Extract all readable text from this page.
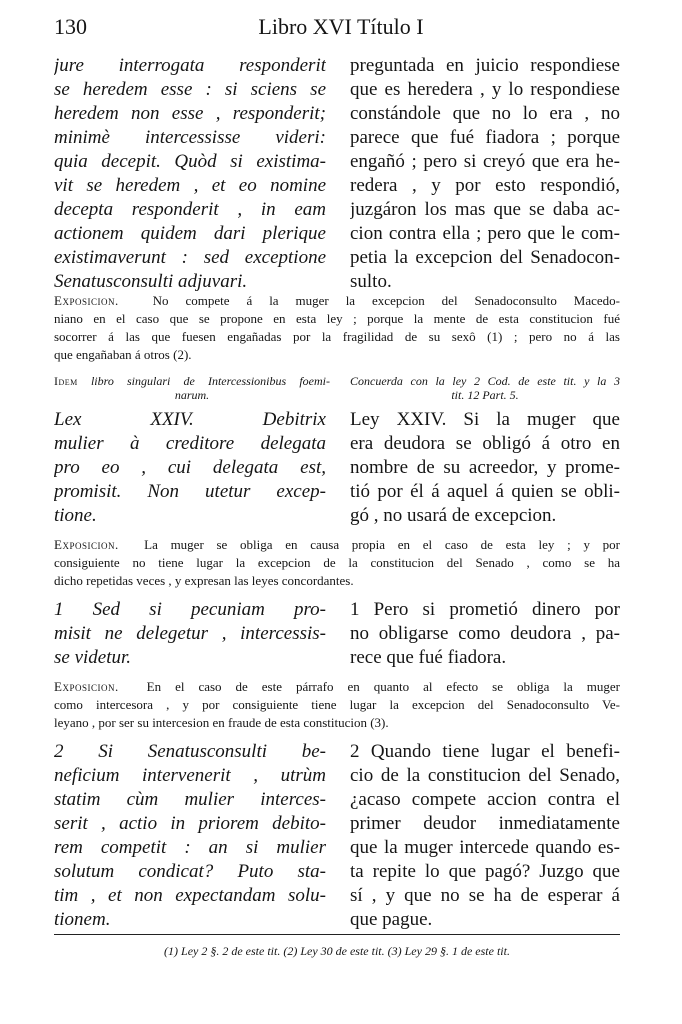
130	Libro XVI Título I
jure interrogata responderit
se heredem esse : si sciens se
heredem non esse , responderit;
minimè intercessisse videri:
quia decepit. Quòd si existima-
vit se heredem , et eo nomine
decepta responderit , in eam
actionem quidem dari plerique
existimaverunt : sed exceptione
Senatusconsulti adjuvari.
preguntada en juicio respondiese
que es heredera , y lo respondiese
constándole que no lo era , no
parece que fué fiadora ; porque
engañó ; pero si creyó que era he-
redera , y por esto respondió,
juzgáron los mas que se daba ac-
cion contra ella ; pero que le com-
petia la excepcion del Senadocon-
sulto.
Exposicion.	No compete á la muger la excepcion del Senadoconsulto Macedo-
niano en el caso que se propone en esta ley ; porque la mente de esta constitucion fué
socorrer á las que fuesen engañadas por la fragilidad de su sexô (1) ; pero no á las
que engañaban á otros (2).
Idem libro singulari de Intercessionibus foemi-
narum.
Concuerda con la ley 2 Cod. de este tit. y la 3
tit. 12 Part. 5.
Lex XXIV. Debitrix
mulier à creditore delegata
pro eo , cui delegata est,
promisit. Non utetur excep-
tione.
Ley XXIV. Si la muger que
era deudora se obligó á otro en
nombre de su acreedor, y prome-
tió por él á aquel á quien se obli-
gó , no usará de excepcion.
Exposicion. La muger se obliga en causa propia en el caso de esta ley ; y por
consiguiente no tiene lugar la excepcion de la constitucion del Senado , como se ha
dicho repetidas veces , y expresan las leyes concordantes.
1 Sed si pecuniam pro-
misit ne delegetur , intercessis-
se videtur.
1 Pero si prometió dinero por
no obligarse como deudora , pa-
rece que fué fiadora.
Exposicion. En el caso de este párrafo en quanto al efecto se obliga la muger
como intercesora , y por consiguiente tiene lugar la excepcion del Senadoconsulto Ve-
leyano , por ser su intercesion en fraude de esta constitucion (3).
2 Si Senatusconsulti be-
neficium intervenerit , utrùm
statim cùm mulier interces-
serit , actio in priorem debito-
rem competit : an si mulier
solutum condicat? Puto sta-
tim , et non expectandam solu-
tionem.
2 Quando tiene lugar el benefi-
cio de la constitucion del Senado,
¿acaso compete accion contra el
primer deudor inmediatamente
que la muger intercede quando es-
ta repite lo que pagó? Juzgo que
sí , y que no se ha de esperar á
que pague.
(1) Ley 2 §. 2 de este tit. (2) Ley 30 de este tit. (3) Ley 29 §. 1 de este tit.
